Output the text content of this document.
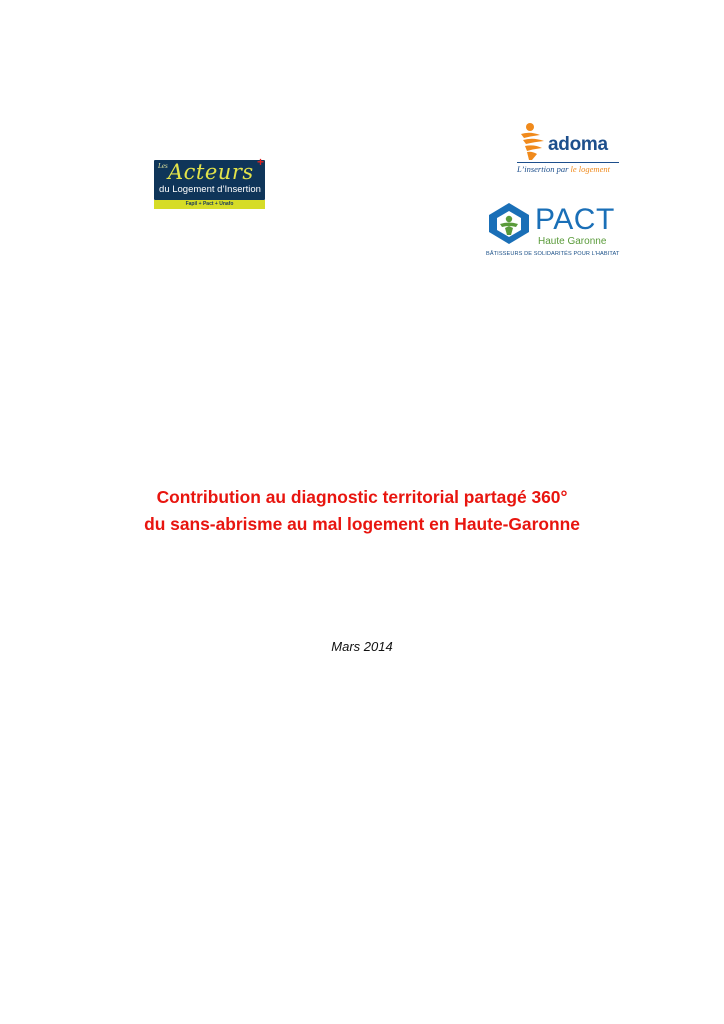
Les Acteurs
du Logement d’Insertion
+
Fapil + Pact + Unafo
adoma
L’insertion par le logement
PACT
Haute Garonne
BÂTISSEURS DE SOLIDARITÉS POUR L’HABITAT
Contribution au diagnostic territorial partagé 360°
du sans-abrisme au mal logement en Haute-Garonne
Mars 2014
